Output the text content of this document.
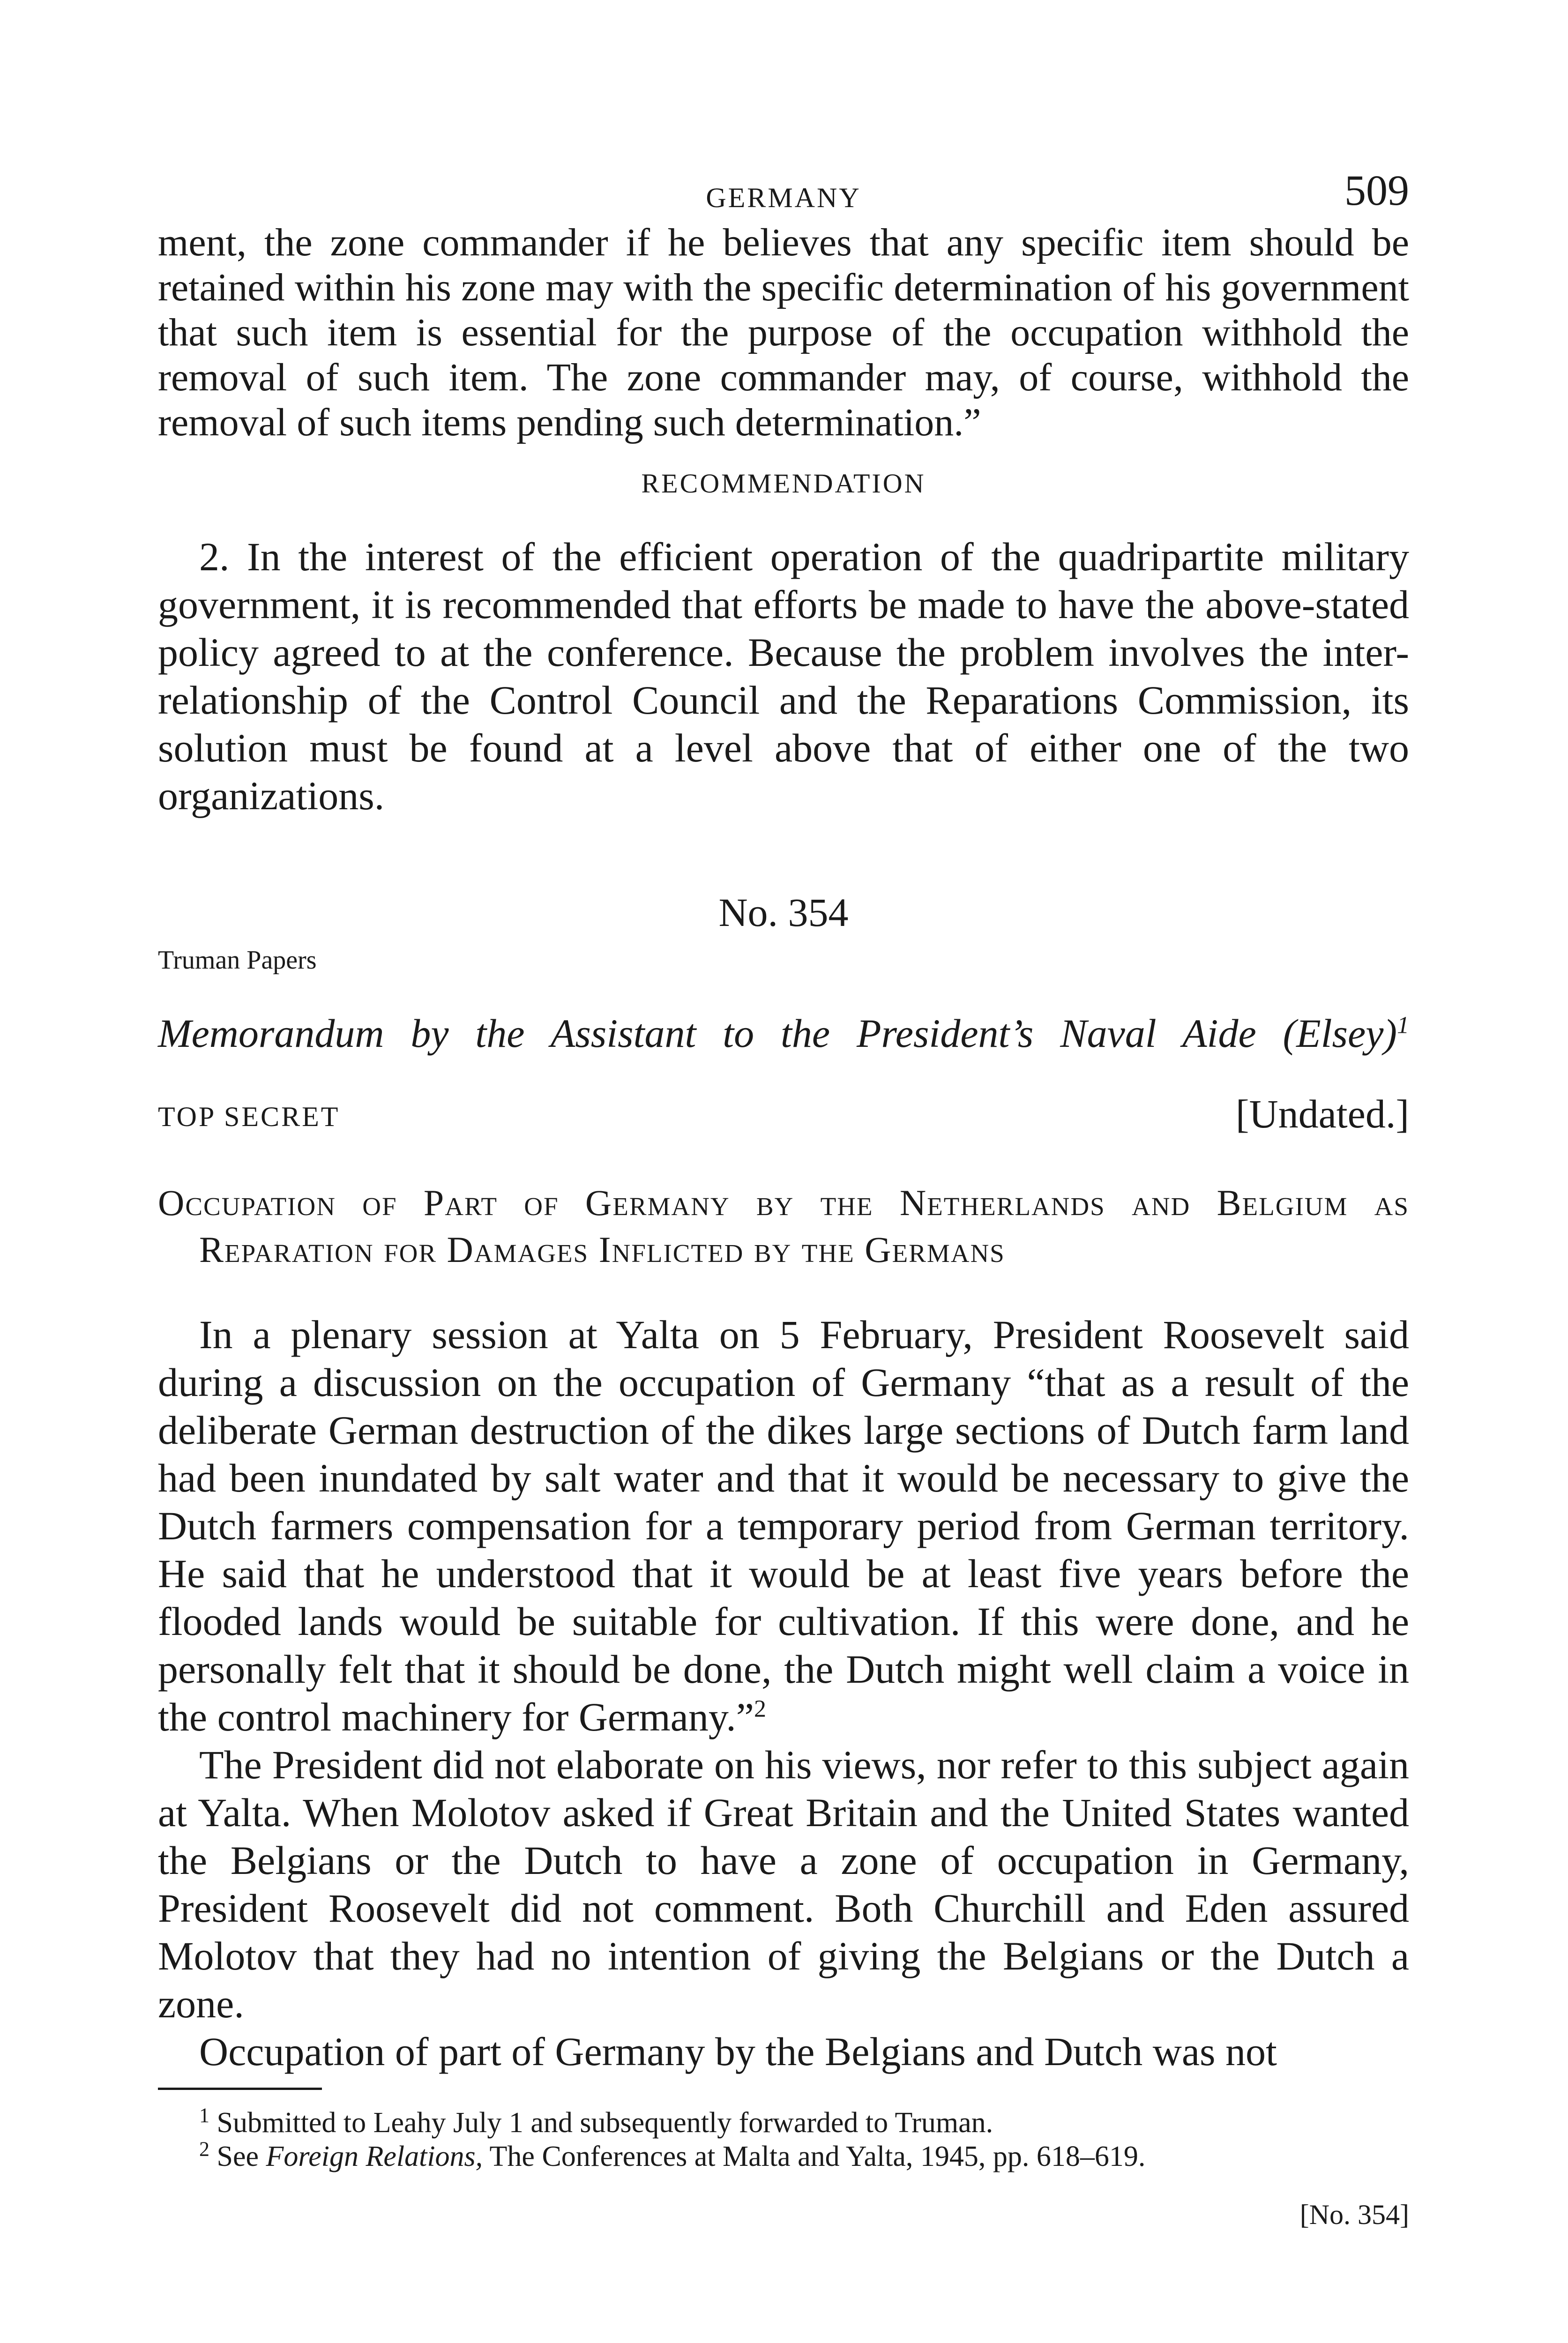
GERMANY	509

ment, the zone commander if he believes that any specific item should be retained within his zone may with the specific determination of his government that such item is essential for the purpose of the occupation withhold the removal of such item. The zone commander may, of course, withhold the removal of such items pending such determination.”

RECOMMENDATION

2. In the interest of the efficient operation of the quadripartite military government, it is recommended that efforts be made to have the above-stated policy agreed to at the conference. Because the problem involves the inter-relationship of the Control Council and the Reparations Commission, its solution must be found at a level above that of either one of the two organizations.

No. 354
Truman Papers
Memorandum by the Assistant to the President’s Naval Aide (Elsey)$^1$
TOP SECRET	[Undated.]
Occupation of Part of Germany by the Netherlands and Belgium as Reparation for Damages Inflicted by the Germans

In a plenary session at Yalta on 5 February, President Roosevelt said during a discussion on the occupation of Germany “that as a result of the deliberate German destruction of the dikes large sections of Dutch farm land had been inundated by salt water and that it would be necessary to give the Dutch farmers compensation for a temporary period from German territory. He said that he understood that it would be at least five years before the flooded lands would be suitable for cultivation. If this were done, and he personally felt that it should be done, the Dutch might well claim a voice in the control machinery for Germany.”$^2$

The President did not elaborate on his views, nor refer to this subject again at Yalta. When Molotov asked if Great Britain and the United States wanted the Belgians or the Dutch to have a zone of occupation in Germany, President Roosevelt did not comment. Both Churchill and Eden assured Molotov that they had no intention of giving the Belgians or the Dutch a zone.

Occupation of part of Germany by the Belgians and Dutch was not

$^1$ Submitted to Leahy July 1 and subsequently forwarded to Truman.

$^2$ See Foreign Relations, The Conferences at Malta and Yalta, 1945, pp. 618–619.

[No. 354]
